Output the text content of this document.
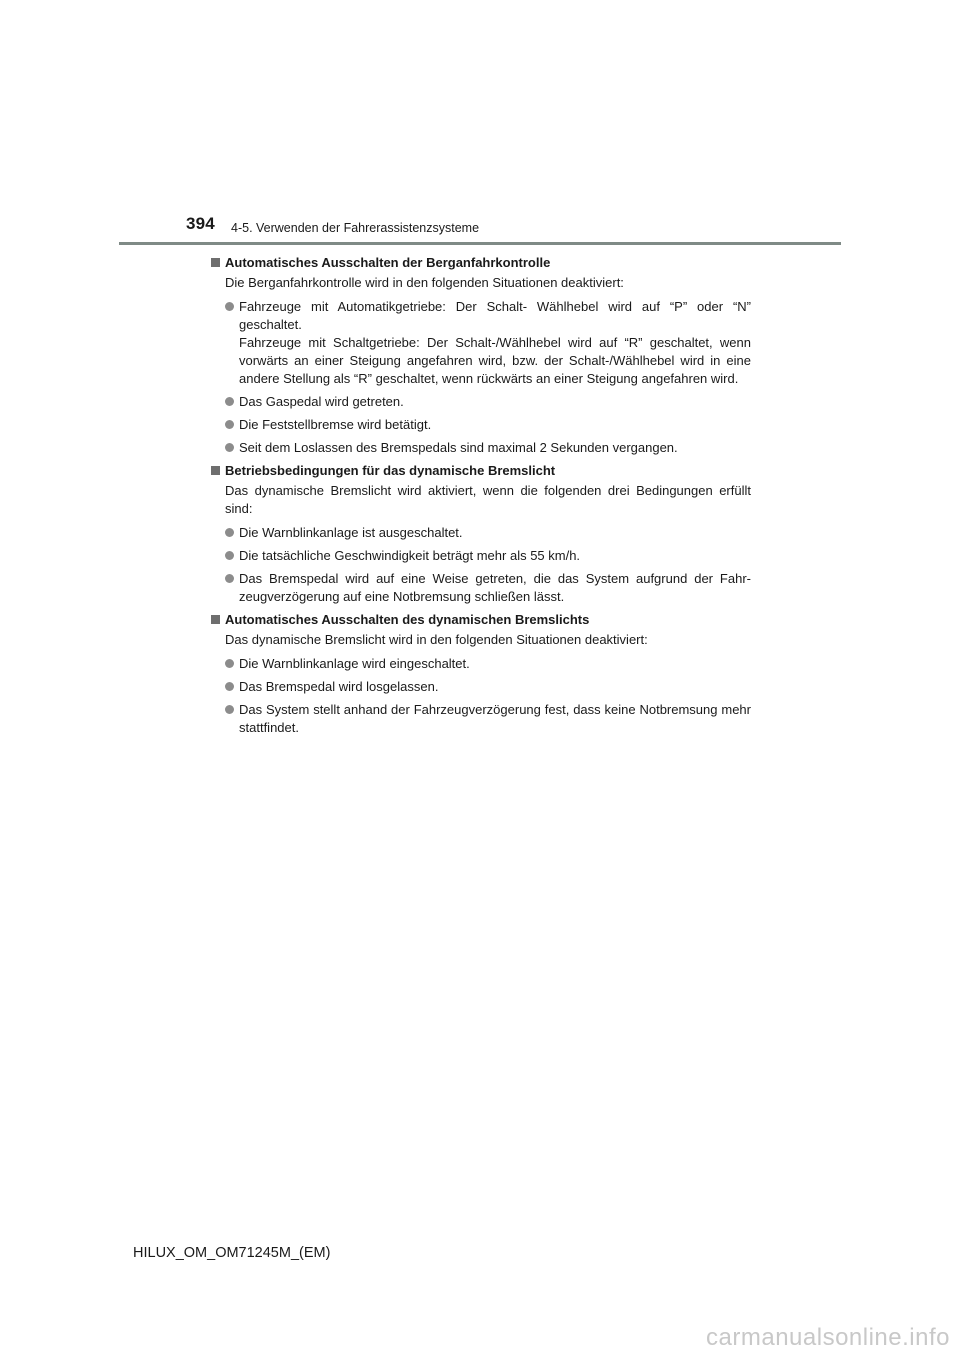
394 4-5. Verwenden der Fahrerassistenzsysteme
Automatisches Ausschalten der Berganfahrkontrolle
Die Berganfahrkontrolle wird in den folgenden Situationen deaktiviert:

Fahrzeuge mit Automatikgetriebe: Der Schalt- Wählhebel wird auf “P” oder “N” geschaltet.

Fahrzeuge mit Schaltgetriebe: Der Schalt-/Wählhebel wird auf “R” geschaltet, wenn vorwärts an einer Steigung angefahren wird, bzw. der Schalt-/Wählhebel wird in eine andere Stellung als “R” geschaltet, wenn rückwärts an einer Steigung angefahren wird.

Das Gaspedal wird getreten.

Die Feststellbremse wird betätigt.

Seit dem Loslassen des Bremspedals sind maximal 2 Sekunden vergangen.

Betriebsbedingungen für das dynamische Bremslicht
Das dynamische Bremslicht wird aktiviert, wenn die folgenden drei Bedingungen erfüllt sind:

Die Warnblinkanlage ist ausgeschaltet.

Die tatsächliche Geschwindigkeit beträgt mehr als 55 km/h.

Das Bremspedal wird auf eine Weise getreten, die das System aufgrund der Fahr-zeugverzögerung auf eine Notbremsung schließen lässt.

Automatisches Ausschalten des dynamischen Bremslichts
Das dynamische Bremslicht wird in den folgenden Situationen deaktiviert:

Die Warnblinkanlage wird eingeschaltet.

Das Bremspedal wird losgelassen.

Das System stellt anhand der Fahrzeugverzögerung fest, dass keine Notbremsung mehr stattfindet.

HILUX_OM_OM71245M_(EM)
carmanualsonline.info
